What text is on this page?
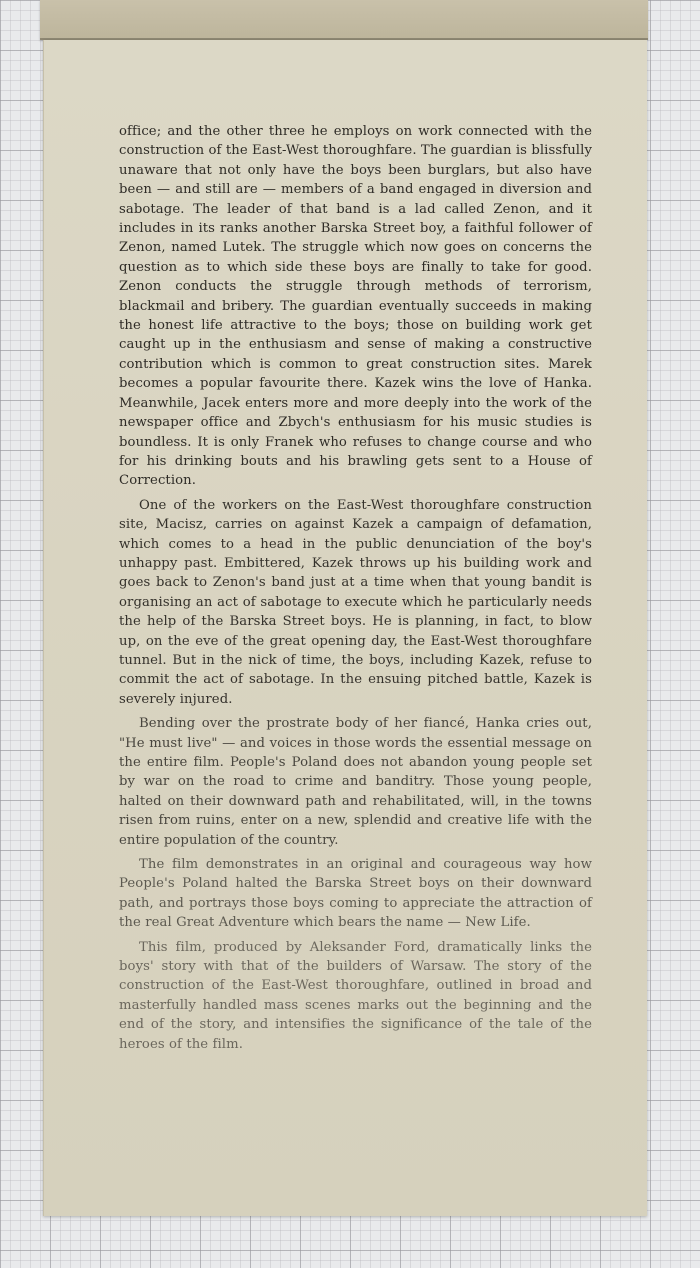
office; and the other three he employs on work connected with the construction of the East-West thoroughfare. The guardian is blissfully unaware that not only have the boys been burglars, but also have been — and still are — members of a band engaged in diversion and sabotage. The leader of that band is a lad called Zenon, and it includes in its ranks another Barska Street boy, a faithful follower of Zenon, named Lutek. The struggle which now goes on concerns the question as to which side these boys are finally to take for good. Zenon conducts the struggle through methods of terrorism, blackmail and bribery. The guardian eventually succeeds in making the honest life attractive to the boys; those on building work get caught up in the enthusiasm and sense of making a constructive contribution which is common to great construction sites. Marek becomes a popular favourite there. Kazek wins the love of Hanka. Meanwhile, Jacek enters more and more deeply into the work of the newspaper office and Zbych's enthusiasm for his music studies is boundless. It is only Franek who refuses to change course and who for his drinking bouts and his brawling gets sent to a House of Correction.

One of the workers on the East-West thoroughfare construction site, Macisz, carries on against Kazek a campaign of defamation, which comes to a head in the public denunciation of the boy's unhappy past. Embittered, Kazek throws up his building work and goes back to Zenon's band just at a time when that young bandit is organising an act of sabotage to execute which he particularly needs the help of the Barska Street boys. He is planning, in fact, to blow up, on the eve of the great opening day, the East-West thoroughfare tunnel. But in the nick of time, the boys, including Kazek, refuse to commit the act of sabotage. In the ensuing pitched battle, Kazek is severely injured.

Bending over the prostrate body of her fiancé, Hanka cries out, "He must live" — and voices in those words the essential message on the entire film. People's Poland does not abandon young people set by war on the road to crime and banditry. Those young people, halted on their downward path and rehabilitated, will, in the towns risen from ruins, enter on a new, splendid and creative life with the entire population of the country.

The film demonstrates in an original and courageous way how People's Poland halted the Barska Street boys on their downward path, and portrays those boys coming to appreciate the attraction of the real Great Adventure which bears the name — New Life.

This film, produced by Aleksander Ford, dramatically links the boys' story with that of the builders of Warsaw. The story of the construction of the East-West thoroughfare, outlined in broad and masterfully handled mass scenes marks out the beginning and the end of the story, and intensifies the significance of the tale of the heroes of the film.
